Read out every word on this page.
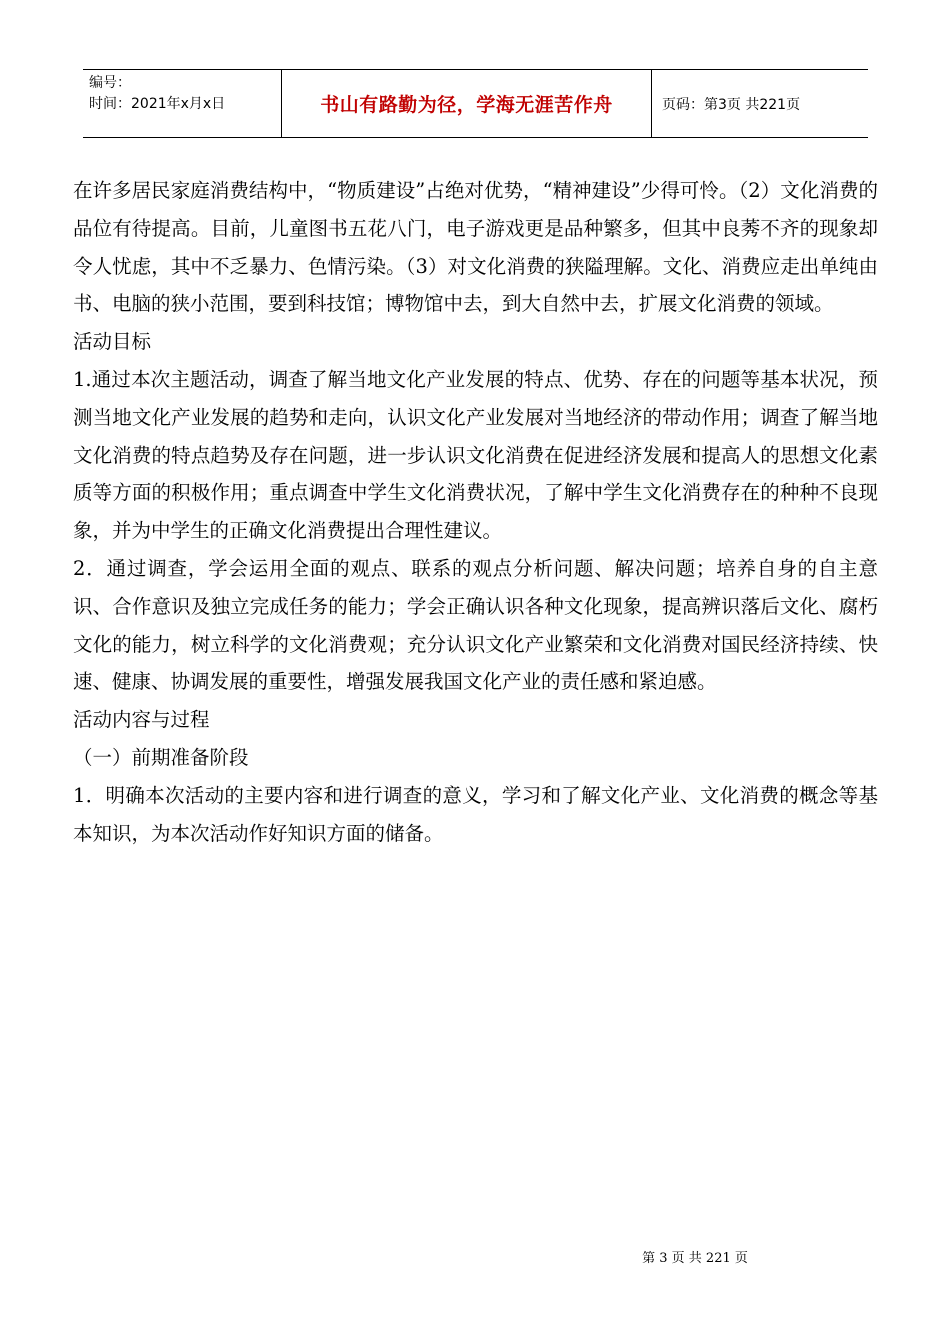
编号：
时间：2021年x月x日	书山有路勤为径，学海无涯苦作舟	页码：第3页 共221页

在许多居民家庭消费结构中，“物质建设”占绝对优势，“精神建设”少得可怜。（2）文化消费的品位有待提高。目前，儿童图书五花八门，电子游戏更是品种繁多，但其中良莠不齐的现象却令人忧虑，其中不乏暴力、色情污染。（3）对文化消费的狭隘理解。文化、消费应走出单纯由书、电脑的狭小范围，要到科技馆；博物馆中去，到大自然中去，扩展文化消费的领域。

活动目标

1.通过本次主题活动，调查了解当地文化产业发展的特点、优势、存在的问题等基本状况，预测当地文化产业发展的趋势和走向，认识文化产业发展对当地经济的带动作用；调查了解当地文化消费的特点趋势及存在问题，进一步认识文化消费在促进经济发展和提高人的思想文化素质等方面的积极作用；重点调查中学生文化消费状况，了解中学生文化消费存在的种种不良现象，并为中学生的正确文化消费提出合理性建议。

2．通过调查，学会运用全面的观点、联系的观点分析问题、解决问题；培养自身的自主意识、合作意识及独立完成任务的能力；学会正确认识各种文化现象，提高辨识落后文化、腐朽文化的能力，树立科学的文化消费观；充分认识文化产业繁荣和文化消费对国民经济持续、快速、健康、协调发展的重要性，增强发展我国文化产业的责任感和紧迫感。

活动内容与过程

（一）前期准备阶段

1．明确本次活动的主要内容和进行调查的意义，学习和了解文化产业、文化消费的概念等基本知识，为本次活动作好知识方面的储备。

第 3 页 共 221 页
